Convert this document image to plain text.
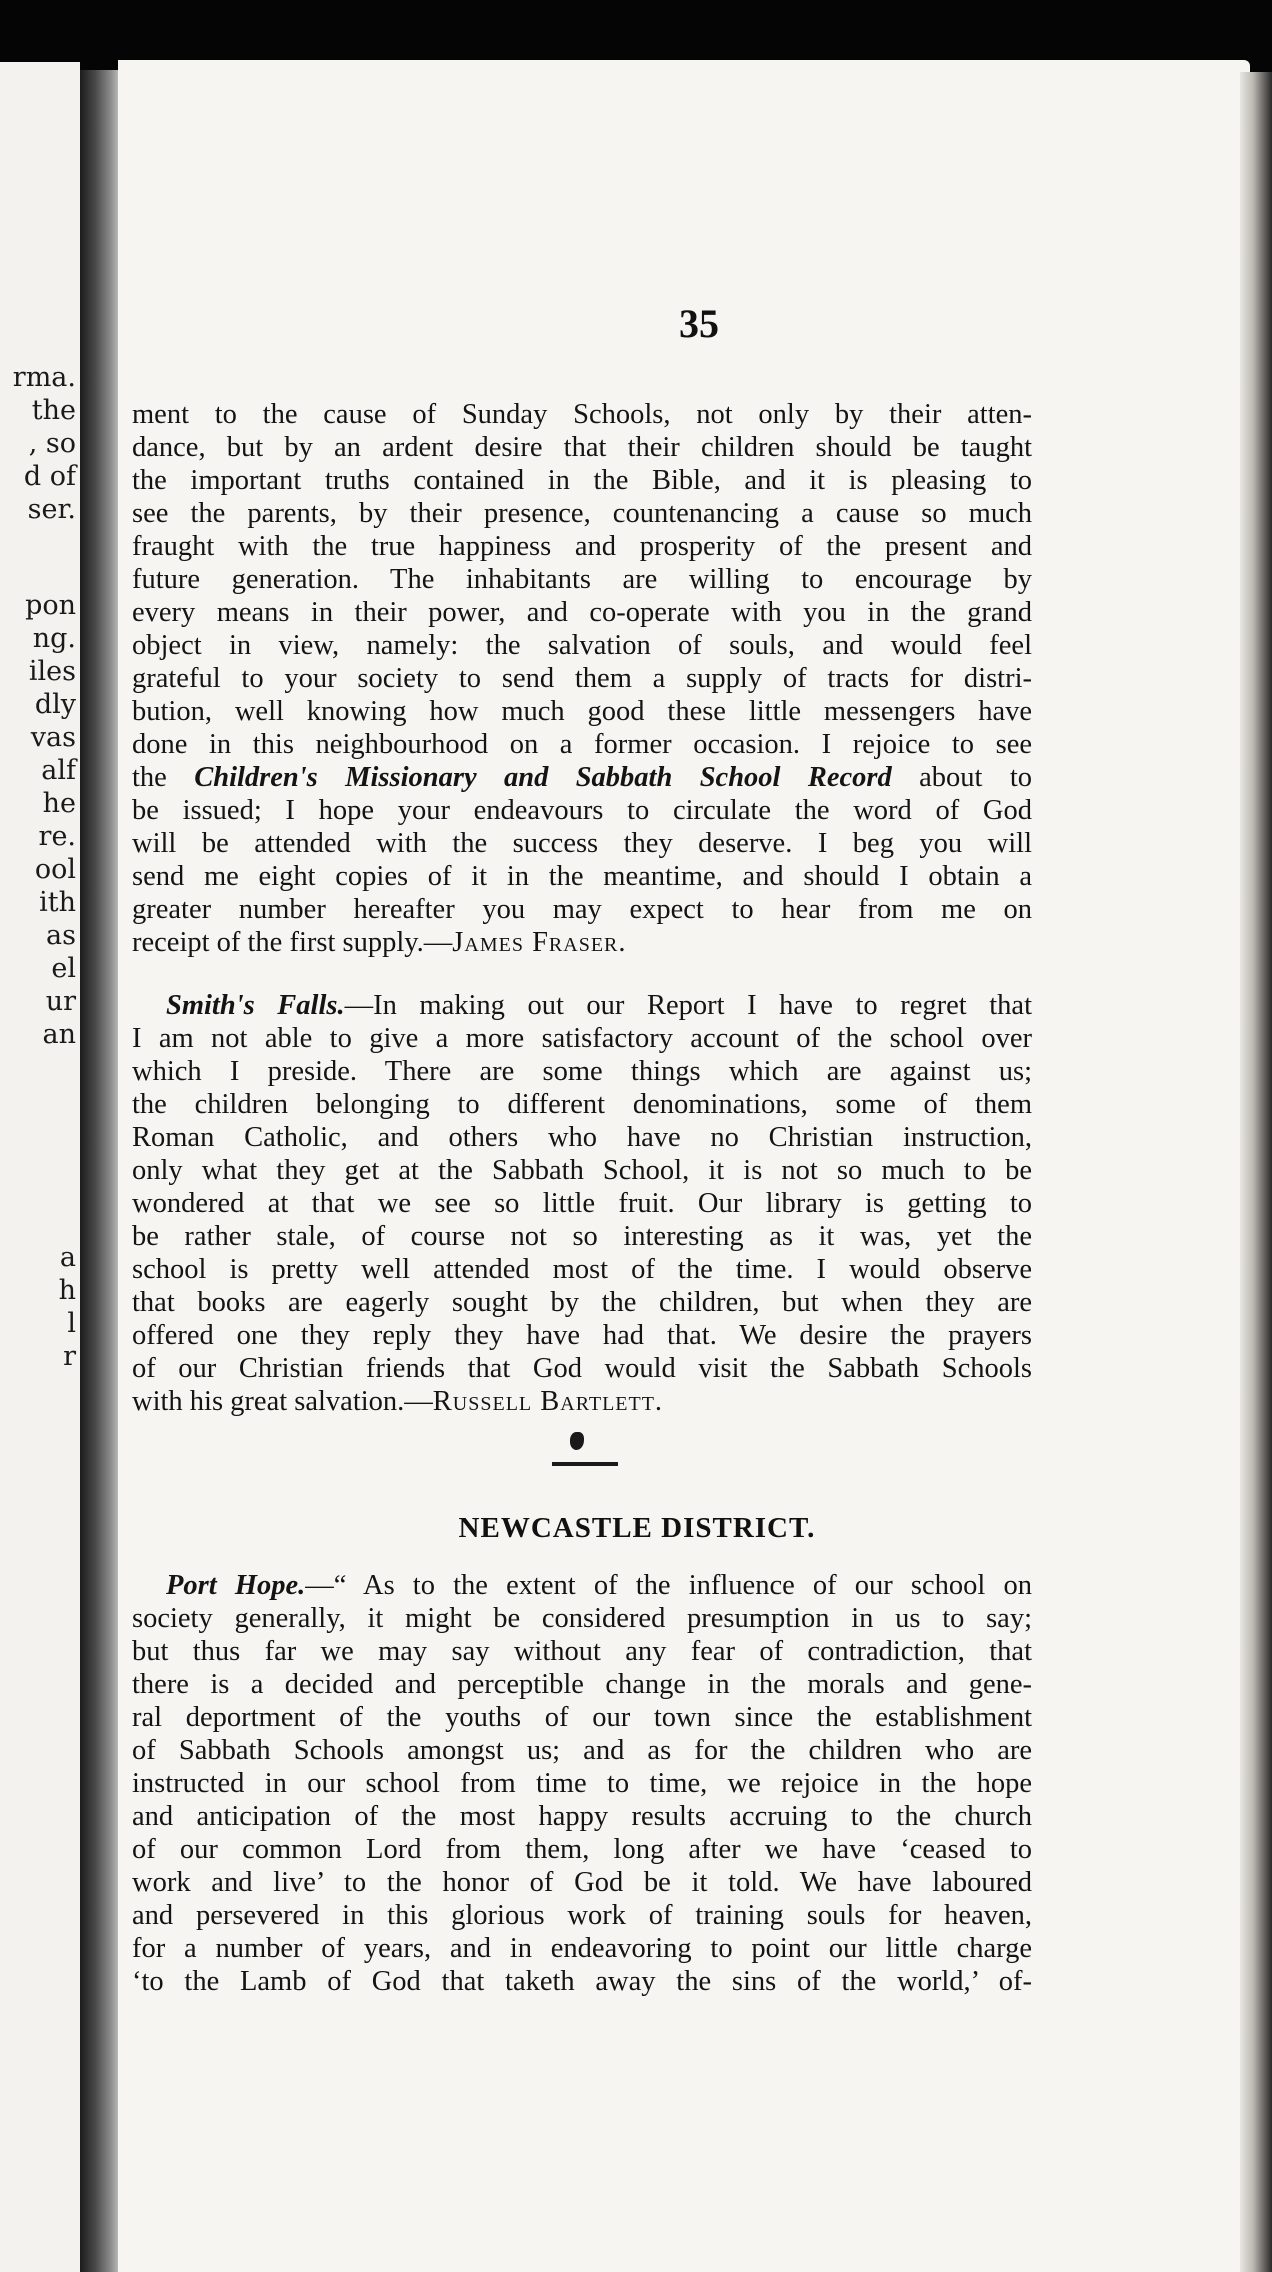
rma.
the
, so
d of
ser.
pon
ng.
iles
dly
vas
alf
he
re.
ool
ith
as
el
ur
an
a
h
l
r
35
ment to the cause of Sunday Schools, not only by their atten-
dance, but by an ardent desire that their children should be taught
the important truths contained in the Bible, and it is pleasing to
see the parents, by their presence, countenancing a cause so much
fraught with the true happiness and prosperity of the present and
future generation. The inhabitants are willing to encourage by
every means in their power, and co-operate with you in the grand
object in view, namely: the salvation of souls, and would feel
grateful to your society to send them a supply of tracts for distri-
bution, well knowing how much good these little messengers have
done in this neighbourhood on a former occasion. I rejoice to see
the Children's Missionary and Sabbath School Record about to
be issued; I hope your endeavours to circulate the word of God
will be attended with the success they deserve. I beg you will
send me eight copies of it in the meantime, and should I obtain a
greater number hereafter you may expect to hear from me on
receipt of the first supply.—James Fraser.
Smith's Falls.—In making out our Report I have to regret that
I am not able to give a more satisfactory account of the school over
which I preside. There are some things which are against us;
the children belonging to different denominations, some of them
Roman Catholic, and others who have no Christian instruction,
only what they get at the Sabbath School, it is not so much to be
wondered at that we see so little fruit. Our library is getting to
be rather stale, of course not so interesting as it was, yet the
school is pretty well attended most of the time. I would observe
that books are eagerly sought by the children, but when they are
offered one they reply they have had that. We desire the prayers
of our Christian friends that God would visit the Sabbath Schools
with his great salvation.—Russell Bartlett.
NEWCASTLE DISTRICT.
Port Hope.—“ As to the extent of the influence of our school on
society generally, it might be considered presumption in us to say;
but thus far we may say without any fear of contradiction, that
there is a decided and perceptible change in the morals and gene-
ral deportment of the youths of our town since the establishment
of Sabbath Schools amongst us; and as for the children who are
instructed in our school from time to time, we rejoice in the hope
and anticipation of the most happy results accruing to the church
of our common Lord from them, long after we have ‘ceased to
work and live’ to the honor of God be it told. We have laboured
and persevered in this glorious work of training souls for heaven,
for a number of years, and in endeavoring to point our little charge
‘to the Lamb of God that taketh away the sins of the world,’ of-
